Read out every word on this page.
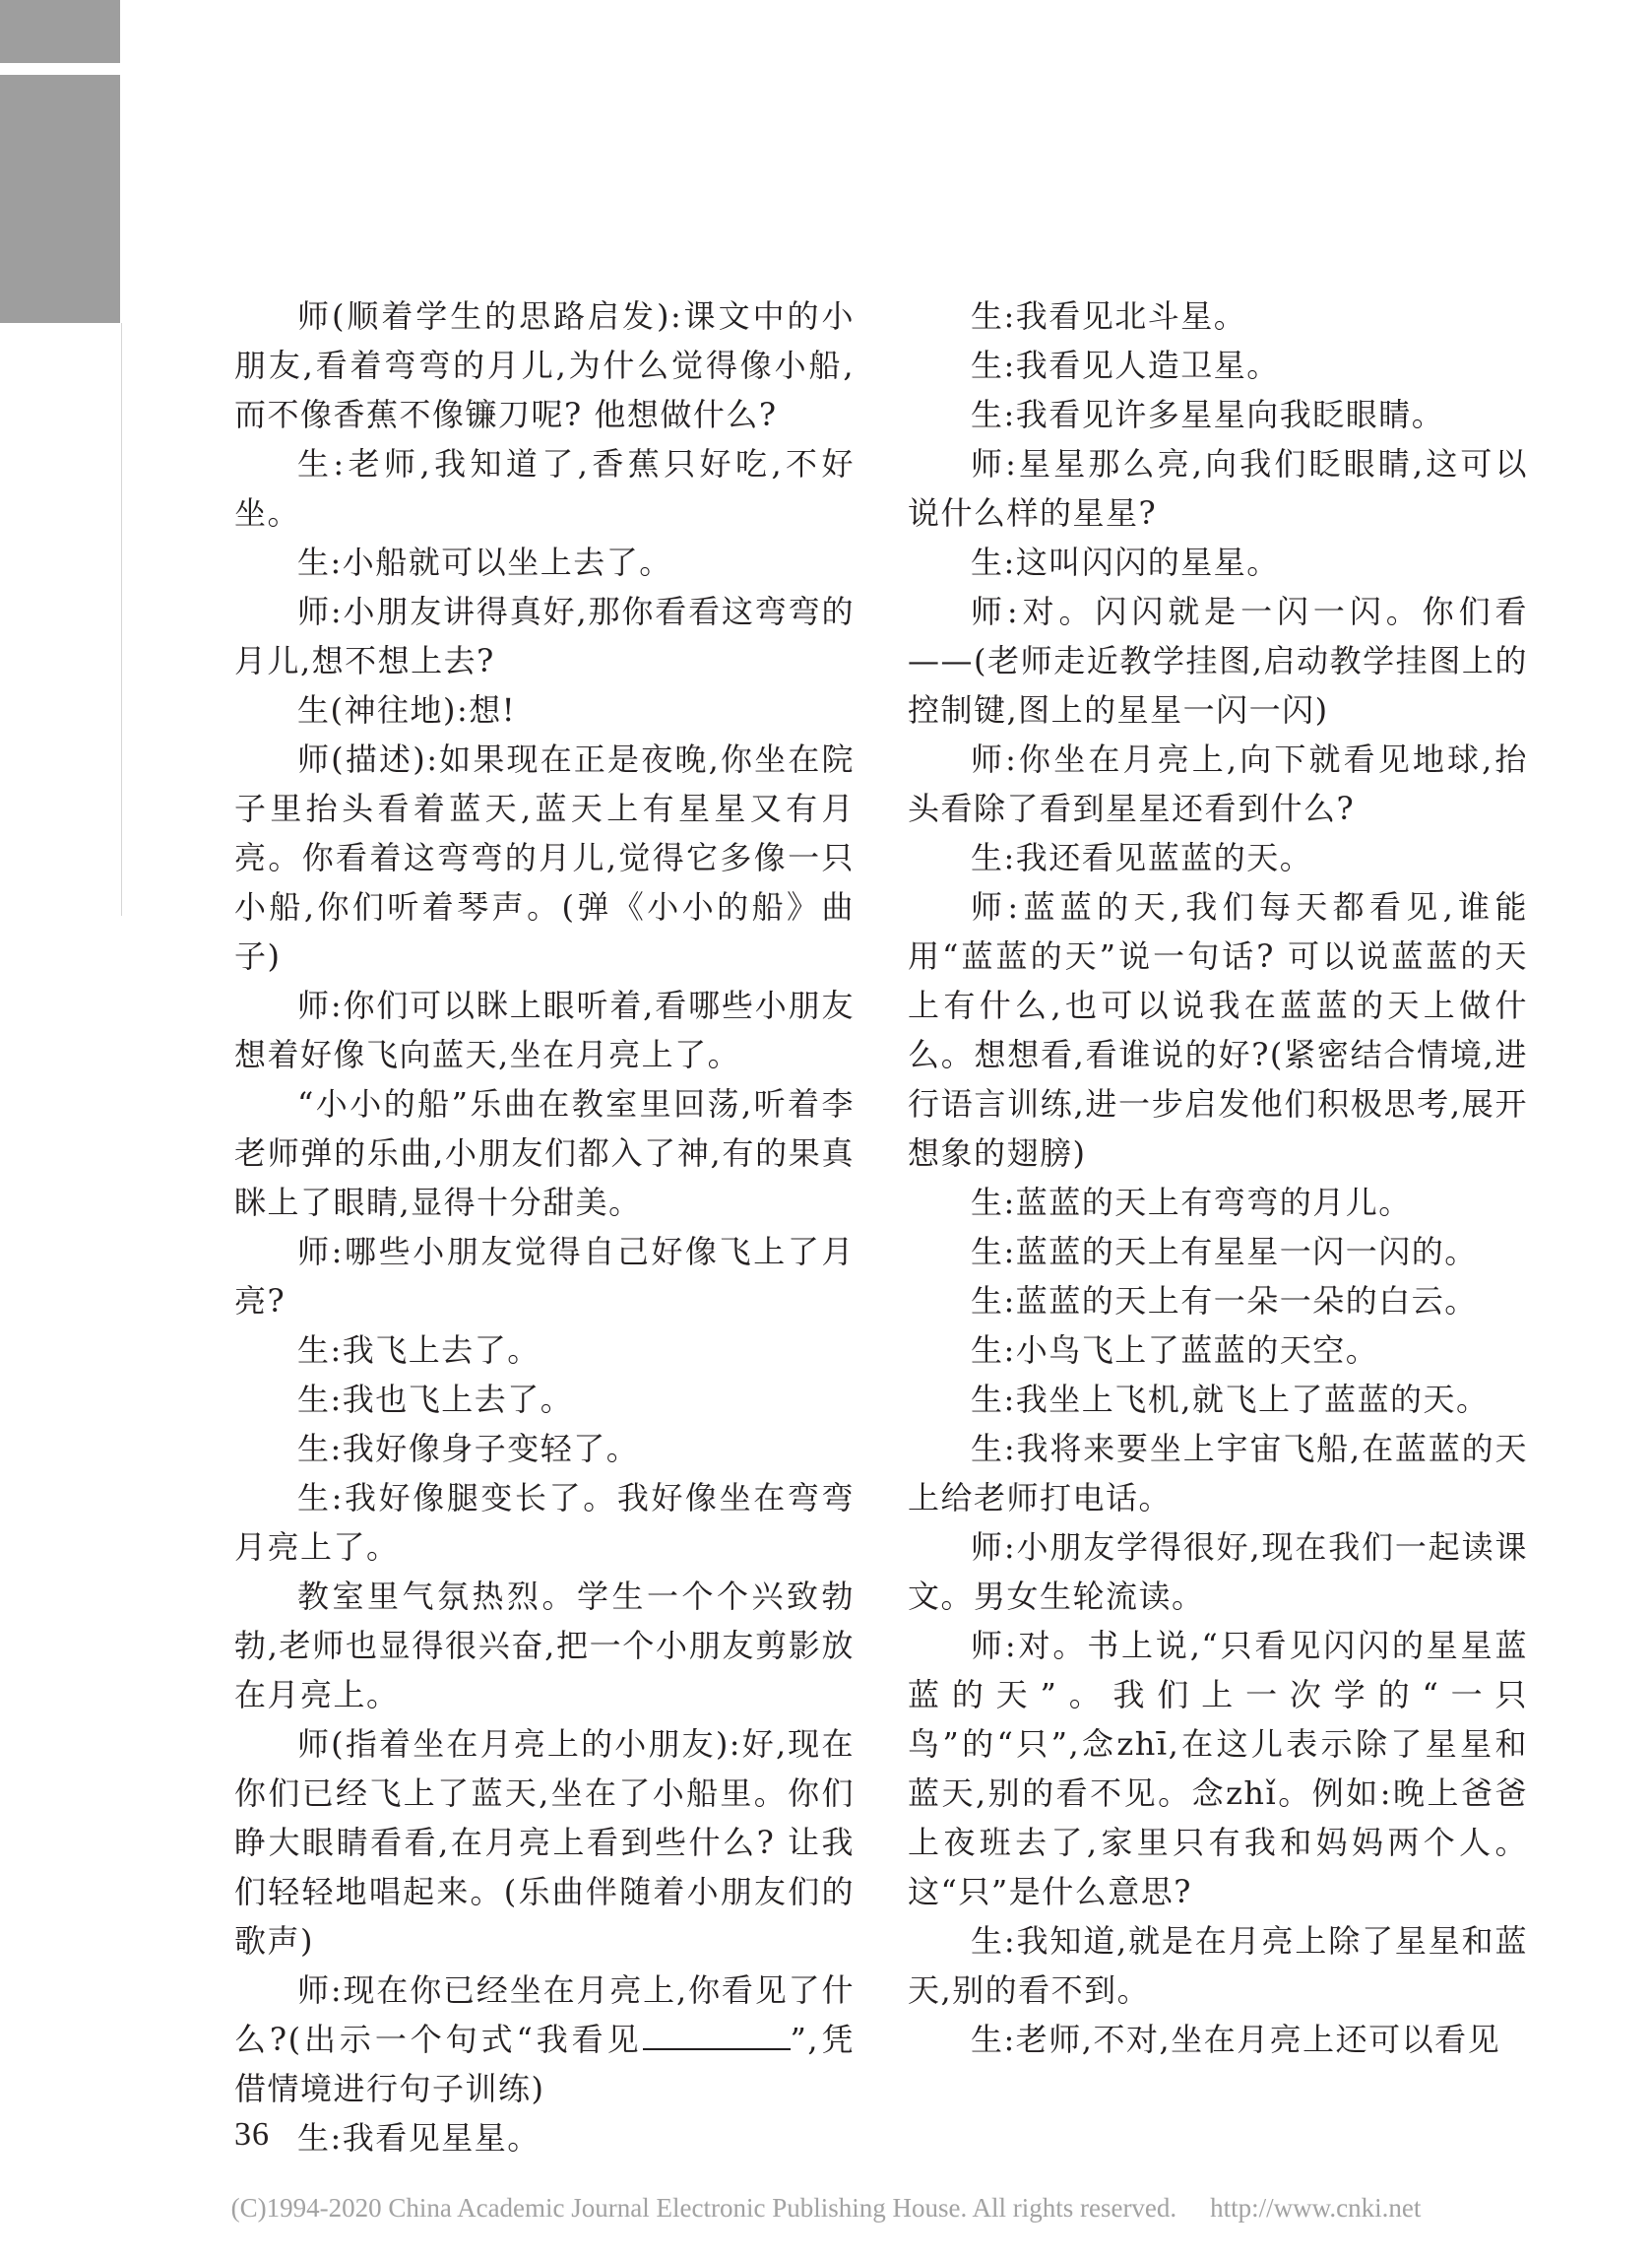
师(顺着学生的思路启发):课文中的小朋友,看着弯弯的月儿,为什么觉得像小船,而不像香蕉不像镰刀呢? 他想做什么?

生:老师,我知道了,香蕉只好吃,不好坐。

生:小船就可以坐上去了。

师:小朋友讲得真好,那你看看这弯弯的月儿,想不想上去?

生(神往地):想!

师(描述):如果现在正是夜晚,你坐在院子里抬头看着蓝天,蓝天上有星星又有月亮。你看着这弯弯的月儿,觉得它多像一只小船,你们听着琴声。(弹《小小的船》曲子)

师:你们可以眯上眼听着,看哪些小朋友想着好像飞向蓝天,坐在月亮上了。

“小小的船”乐曲在教室里回荡,听着李老师弹的乐曲,小朋友们都入了神,有的果真眯上了眼睛,显得十分甜美。

师:哪些小朋友觉得自己好像飞上了月亮?

生:我飞上去了。

生:我也飞上去了。

生:我好像身子变轻了。

生:我好像腿变长了。我好像坐在弯弯月亮上了。

教室里气氛热烈。学生一个个兴致勃勃,老师也显得很兴奋,把一个小朋友剪影放在月亮上。

师(指着坐在月亮上的小朋友):好,现在你们已经飞上了蓝天,坐在了小船里。你们睁大眼睛看看,在月亮上看到些什么? 让我们轻轻地唱起来。(乐曲伴随着小朋友们的歌声)

师:现在你已经坐在月亮上,你看见了什么?(出示一个句式“我看见	”,凭借情境进行句子训练)

生:我看见星星。

生:我看见北斗星。

生:我看见人造卫星。

生:我看见许多星星向我眨眼睛。

师:星星那么亮,向我们眨眼睛,这可以说什么样的星星?

生:这叫闪闪的星星。

师:对。闪闪就是一闪一闪。你们看——(老师走近教学挂图,启动教学挂图上的控制键,图上的星星一闪一闪)

师:你坐在月亮上,向下就看见地球,抬头看除了看到星星还看到什么?

生:我还看见蓝蓝的天。

师:蓝蓝的天,我们每天都看见,谁能用“蓝蓝的天”说一句话? 可以说蓝蓝的天上有什么,也可以说我在蓝蓝的天上做什么。想想看,看谁说的好?(紧密结合情境,进行语言训练,进一步启发他们积极思考,展开想象的翅膀)

生:蓝蓝的天上有弯弯的月儿。

生:蓝蓝的天上有星星一闪一闪的。

生:蓝蓝的天上有一朵一朵的白云。

生:小鸟飞上了蓝蓝的天空。

生:我坐上飞机,就飞上了蓝蓝的天。

生:我将来要坐上宇宙飞船,在蓝蓝的天上给老师打电话。

师:小朋友学得很好,现在我们一起读课文。男女生轮流读。

师:对。书上说,“只看见闪闪的星星蓝蓝的天”。我们上一次学的“一只鸟”的“只”,念zhī,在这儿表示除了星星和蓝天,别的看不见。念zhǐ。例如:晚上爸爸上夜班去了,家里只有我和妈妈两个人。这“只”是什么意思?

生:我知道,就是在月亮上除了星星和蓝天,别的看不到。

生:老师,不对,坐在月亮上还可以看见

36
(C)1994-2020 China Academic Journal Electronic Publishing House. All rights reserved. http://www.cnki.net
